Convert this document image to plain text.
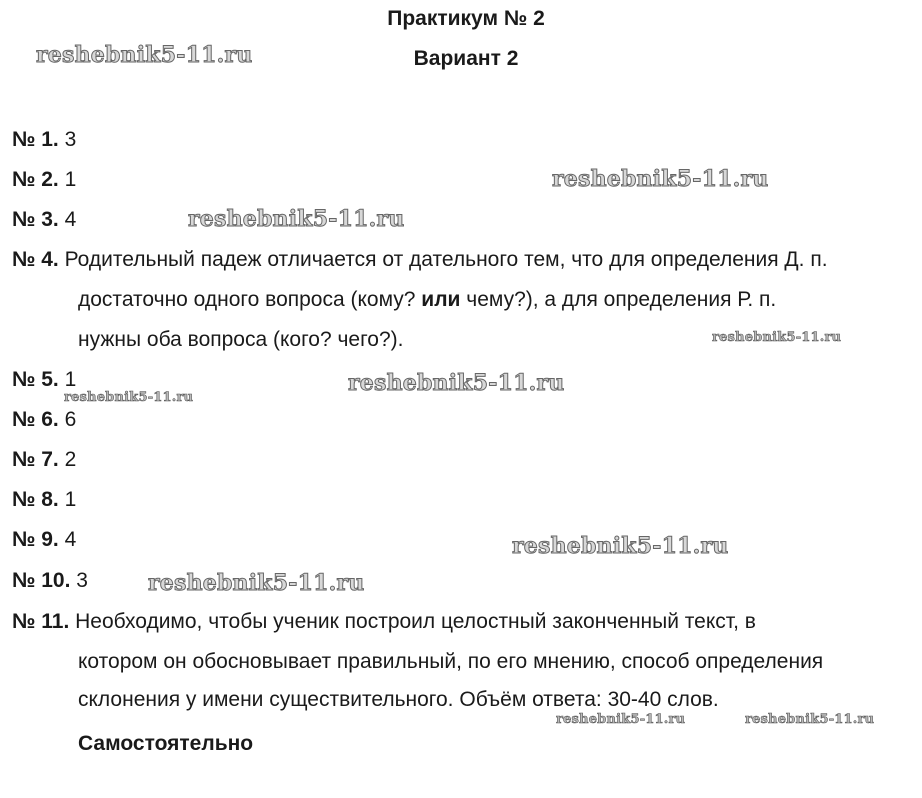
Практикум № 2
Вариант 2
№ 1. 3
№ 2. 1
№ 3. 4
№ 4. Родительный падеж отличается от дательного тем, что для определения Д. п.
достаточно одного вопроса (кому? или чему?), а для определения Р. п.
нужны оба вопроса (кого? чего?).
№ 5. 1
№ 6. 6
№ 7. 2
№ 8. 1
№ 9. 4
№ 10. 3
№ 11. Необходимо, чтобы ученик построил целостный законченный текст, в
котором он обосновывает правильный, по его мнению, способ определения
склонения у имени существительного. Объём ответа: 30-40 слов.
Самостоятельно
reshebnik5-11.ru
reshebnik5-11.ru
reshebnik5-11.ru
reshebnik5-11.ru
reshebnik5-11.ru
reshebnik5-11.ru
reshebnik5-11.ru
reshebnik5-11.ru
reshebnik5-11.ru	reshebnik5-11.ru
